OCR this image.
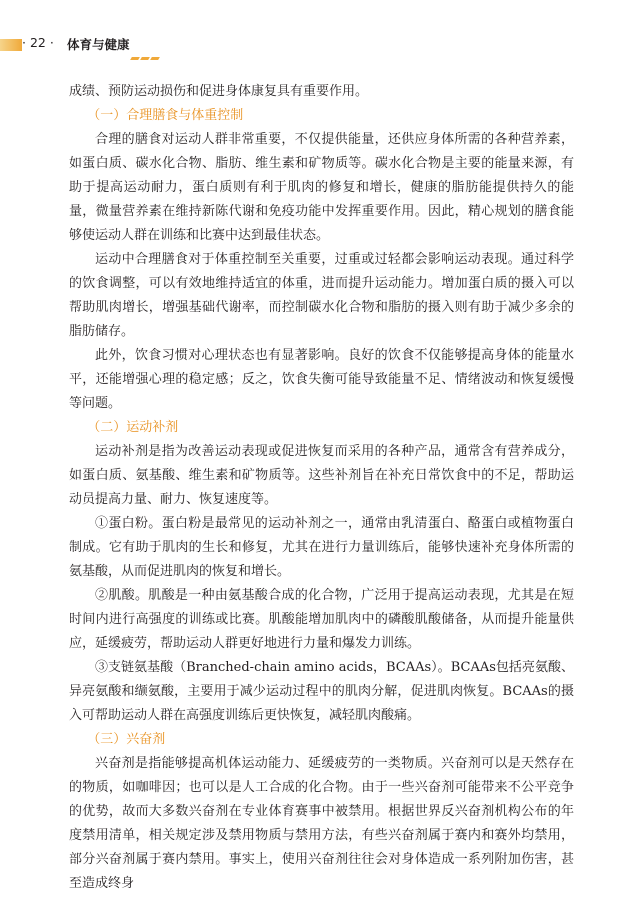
· 22 · 体育与健康

成绩、预防运动损伤和促进身体康复具有重要作用。

（一）合理膳食与体重控制

合理的膳食对运动人群非常重要，不仅提供能量，还供应身体所需的各种营养素，如蛋白质、碳水化合物、脂肪、维生素和矿物质等。碳水化合物是主要的能量来源，有助于提高运动耐力，蛋白质则有利于肌肉的修复和增长，健康的脂肪能提供持久的能量，微量营养素在维持新陈代谢和免疫功能中发挥重要作用。因此，精心规划的膳食能够使运动人群在训练和比赛中达到最佳状态。

运动中合理膳食对于体重控制至关重要，过重或过轻都会影响运动表现。通过科学的饮食调整，可以有效地维持适宜的体重，进而提升运动能力。增加蛋白质的摄入可以帮助肌肉增长，增强基础代谢率，而控制碳水化合物和脂肪的摄入则有助于减少多余的脂肪储存。

此外，饮食习惯对心理状态也有显著影响。良好的饮食不仅能够提高身体的能量水平，还能增强心理的稳定感；反之，饮食失衡可能导致能量不足、情绪波动和恢复缓慢等问题。

（二）运动补剂

运动补剂是指为改善运动表现或促进恢复而采用的各种产品，通常含有营养成分，如蛋白质、氨基酸、维生素和矿物质等。这些补剂旨在补充日常饮食中的不足，帮助运动员提高力量、耐力、恢复速度等。

①蛋白粉。蛋白粉是最常见的运动补剂之一，通常由乳清蛋白、酪蛋白或植物蛋白制成。它有助于肌肉的生长和修复，尤其在进行力量训练后，能够快速补充身体所需的氨基酸，从而促进肌肉的恢复和增长。

②肌酸。肌酸是一种由氨基酸合成的化合物，广泛用于提高运动表现，尤其是在短时间内进行高强度的训练或比赛。肌酸能增加肌肉中的磷酸肌酸储备，从而提升能量供应，延缓疲劳，帮助运动人群更好地进行力量和爆发力训练。

③支链氨基酸（Branched-chain amino acids，BCAAs）。BCAAs包括亮氨酸、异亮氨酸和缬氨酸，主要用于减少运动过程中的肌肉分解，促进肌肉恢复。BCAAs的摄入可帮助运动人群在高强度训练后更快恢复，减轻肌肉酸痛。

（三）兴奋剂

兴奋剂是指能够提高机体运动能力、延缓疲劳的一类物质。兴奋剂可以是天然存在的物质，如咖啡因；也可以是人工合成的化合物。由于一些兴奋剂可能带来不公平竞争的优势，故而大多数兴奋剂在专业体育赛事中被禁用。根据世界反兴奋剂机构公布的年度禁用清单，相关规定涉及禁用物质与禁用方法，有些兴奋剂属于赛内和赛外均禁用，部分兴奋剂属于赛内禁用。事实上，使用兴奋剂往往会对身体造成一系列附加伤害，甚至造成终身
